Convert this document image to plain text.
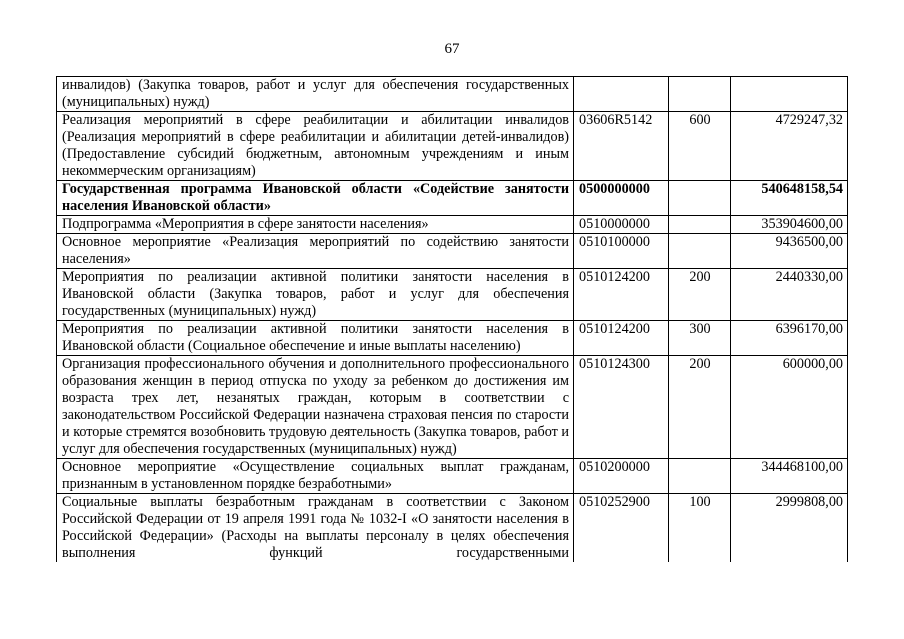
67
инвалидов) (Закупка товаров, работ и услуг для обеспечения государственных (муниципальных) нужд)			
Реализация мероприятий в сфере реабилитации и абилитации инвалидов (Реализация мероприятий в сфере реабилитации и абилитации детей-инвалидов) (Предоставление субсидий бюджетным, автономным учреждениям и иным некоммерческим организациям)	03606R5142	600	4729247,32
Государственная программа Ивановской области «Содействие занятости населения Ивановской области»	0500000000		540648158,54
Подпрограмма «Мероприятия в сфере занятости населения»	0510000000		353904600,00
Основное мероприятие «Реализация мероприятий по содействию занятости населения»	0510100000		9436500,00
Мероприятия по реализации активной политики занятости населения в Ивановской области (Закупка товаров, работ и услуг для обеспечения государственных (муниципальных) нужд)	0510124200	200	2440330,00
Мероприятия по реализации активной политики занятости населения в Ивановской области (Социальное обеспечение и иные выплаты населению)	0510124200	300	6396170,00
Организация профессионального обучения и дополнительного профессионального образования женщин в период отпуска по уходу за ребенком до достижения им возраста трех лет, незанятых граждан, которым в соответствии с законодательством Российской Федерации назначена страховая пенсия по старости и которые стремятся возобновить трудовую деятельность (Закупка товаров, работ и услуг для обеспечения государственных (муниципальных) нужд)	0510124300	200	600000,00
Основное мероприятие «Осуществление социальных выплат гражданам, признанным в установленном порядке безработными»	0510200000		344468100,00
Социальные выплаты безработным гражданам в соответствии с Законом Российской Федерации от 19 апреля 1991 года № 1032-I «О занятости населения в Российской Федерации» (Расходы на выплаты персоналу в целях обеспечения выполнения функций государственными	0510252900	100	2999808,00
